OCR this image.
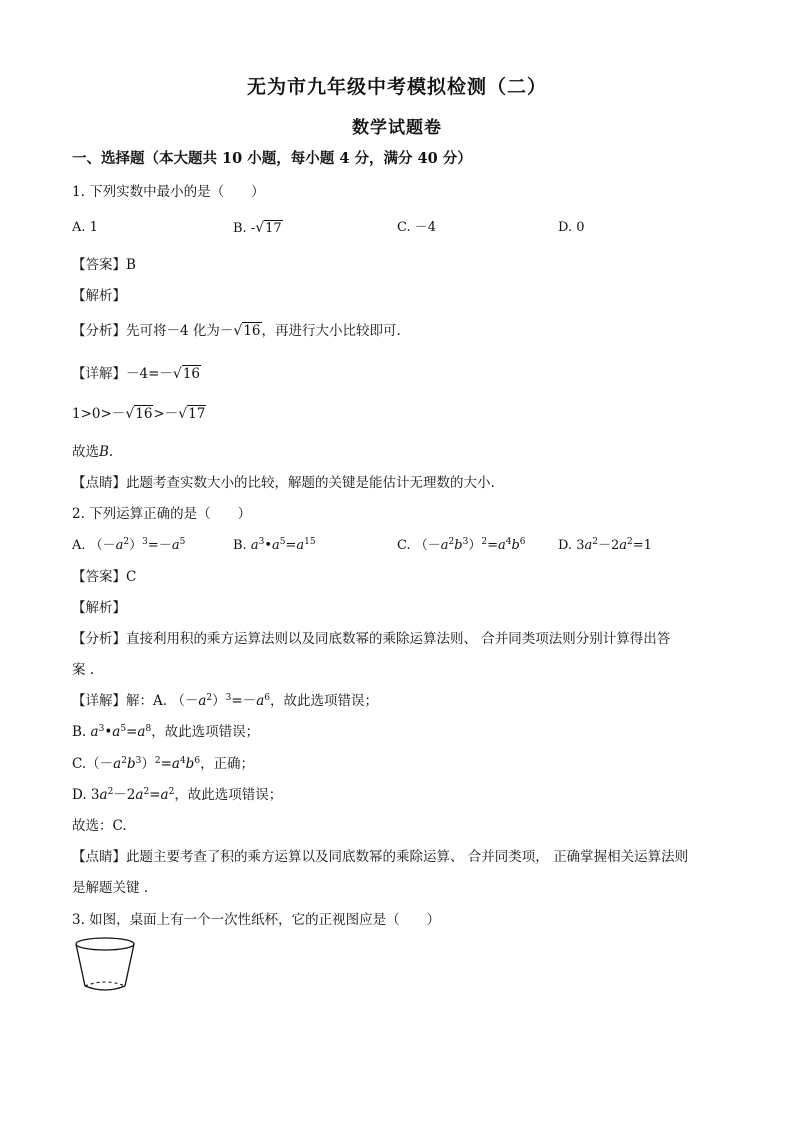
无为市九年级中考模拟检测（二）
数学试题卷
一、选择题（本大题共 10 小题，每小题 4 分，满分 40 分）
1. 下列实数中最小的是（　　）
A. 1	B. -√17	C. －4	D. 0
【答案】B
【解析】
【分析】先可将－4 化为－√16，再进行大小比较即可.
【详解】－4=－√16
1>0>－√16>－√17
故选B.
【点睛】此题考查实数大小的比较，解题的关键是能估计无理数的大小.
2. 下列运算正确的是（　　）
A. $(-a^2)^3=-a^5$	B. $a^3•a^5=a^{15}$	C. $(-a^2b^3)^2=a^4b^6$ D. $3a^2-2a^2=1$
【答案】C
【解析】
【分析】直接利用积的乘方运算法则以及同底数幂的乘除运算法则、 合并同类项法则分别计算得出答
案 .
【详解】解：A. $(-a^2)^3=-a^6$，故此选项错误；
B. $a^3•a^5=a^8$，故此选项错误；
$C.(-a^2b^3)^2=a^4b^6$，正确；
D. $3a^2-2a^2=a^2$，故此选项错误；
故选：C.
【点睛】此题主要考查了积的乘方运算以及同底数幂的乘除运算、 合并同类项， 正确掌握相关运算法则
是解题关键 .
3. 如图，桌面上有一个一次性纸杯，它的正视图应是（　　）
